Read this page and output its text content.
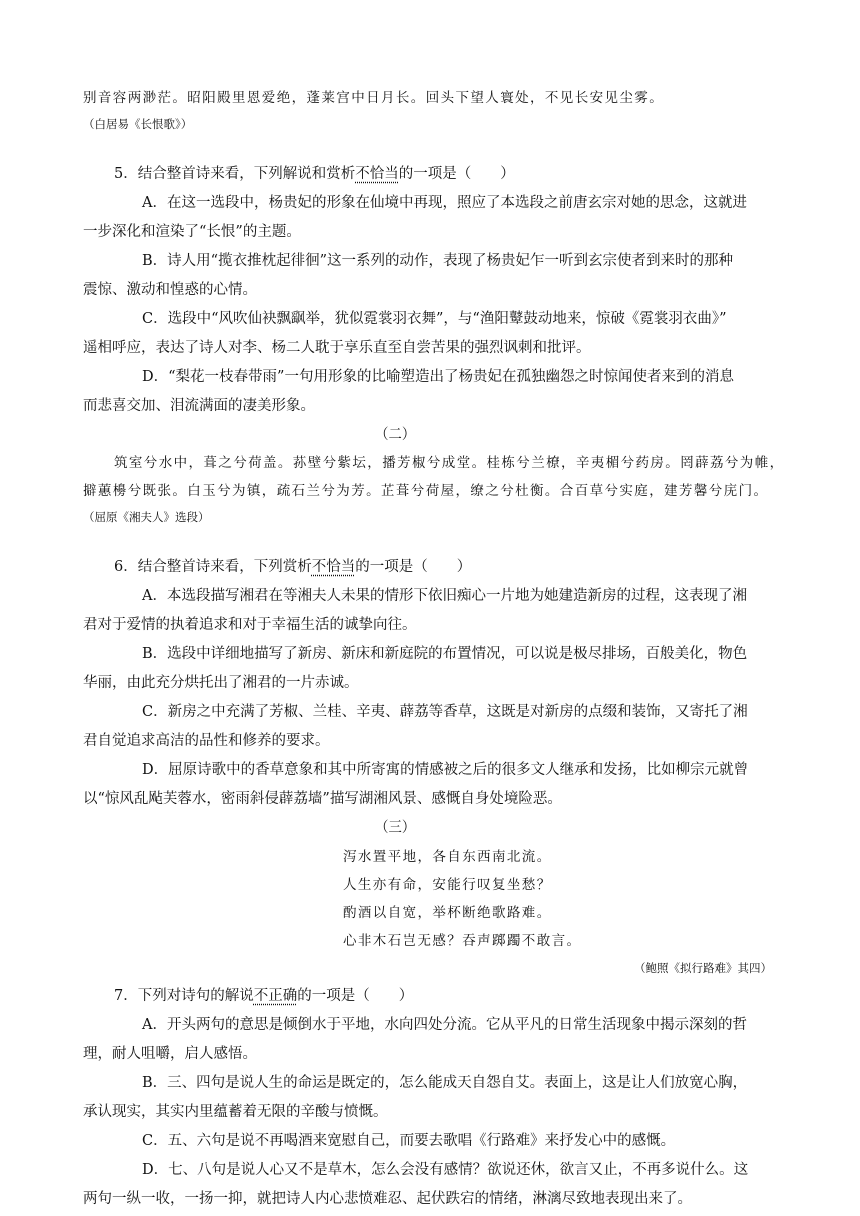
别音容两渺茫。昭阳殿里恩爱绝，蓬莱宫中日月长。回头下望人寰处，不见长安见尘雾。
（白居易《长恨歌》）
5．结合整首诗来看，下列解说和赏析不恰当的一项是（　　）
A．在这一选段中，杨贵妃的形象在仙境中再现，照应了本选段之前唐玄宗对她的思念，这就进
一步深化和渲染了“长恨”的主题。
B．诗人用“揽衣推枕起徘徊”这一系列的动作，表现了杨贵妃乍一听到玄宗使者到来时的那种
震惊、激动和惶惑的心情。
C．选段中“风吹仙袂飘飖举，犹似霓裳羽衣舞”，与“渔阳鼙鼓动地来，惊破《霓裳羽衣曲》”
遥相呼应，表达了诗人对李、杨二人耽于享乐直至自尝苦果的强烈讽刺和批评。
D．“梨花一枝春带雨”一句用形象的比喻塑造出了杨贵妃在孤独幽怨之时惊闻使者来到的消息
而悲喜交加、泪流满面的凄美形象。
（二）
筑室兮水中，葺之兮荷盖。荪壁兮紫坛，播芳椒兮成堂。桂栋兮兰橑，辛夷楣兮药房。罔薜荔兮为帷，
擗蕙櫋兮既张。白玉兮为镇，疏石兰兮为芳。芷葺兮荷屋，缭之兮杜衡。合百草兮实庭，建芳馨兮庑门。
（屈原《湘夫人》选段）
6．结合整首诗来看，下列赏析不恰当的一项是（　　）
A．本选段描写湘君在等湘夫人未果的情形下依旧痴心一片地为她建造新房的过程，这表现了湘
君对于爱情的执着追求和对于幸福生活的诚挚向往。
B．选段中详细地描写了新房、新床和新庭院的布置情况，可以说是极尽排场，百般美化，物色
华丽，由此充分烘托出了湘君的一片赤诚。
C．新房之中充满了芳椒、兰桂、辛夷、薜荔等香草，这既是对新房的点缀和装饰，又寄托了湘
君自觉追求高洁的品性和修养的要求。
D．屈原诗歌中的香草意象和其中所寄寓的情感被之后的很多文人继承和发扬，比如柳宗元就曾
以“惊风乱飐芙蓉水，密雨斜侵薜荔墙”描写湖湘风景、感慨自身处境险恶。
（三）
泻水置平地，各自东西南北流。
人生亦有命，安能行叹复坐愁？
酌酒以自宽，举杯断绝歌路难。
心非木石岂无感？吞声踯躅不敢言。
（鲍照《拟行路难》其四）
7．下列对诗句的解说不正确的一项是（　　）
A．开头两句的意思是倾倒水于平地，水向四处分流。它从平凡的日常生活现象中揭示深刻的哲
理，耐人咀嚼，启人感悟。
B．三、四句是说人生的命运是既定的，怎么能成天自怨自艾。表面上，这是让人们放宽心胸，
承认现实，其实内里蕴蓄着无限的辛酸与愤慨。
C．五、六句是说不再喝酒来宽慰自己，而要去歌唱《行路难》来抒发心中的感慨。
D．七、八句是说人心又不是草木，怎么会没有感情？欲说还休，欲言又止，不再多说什么。这
两句一纵一收，一扬一抑，就把诗人内心悲愤难忍、起伏跌宕的情绪，淋漓尽致地表现出来了。
